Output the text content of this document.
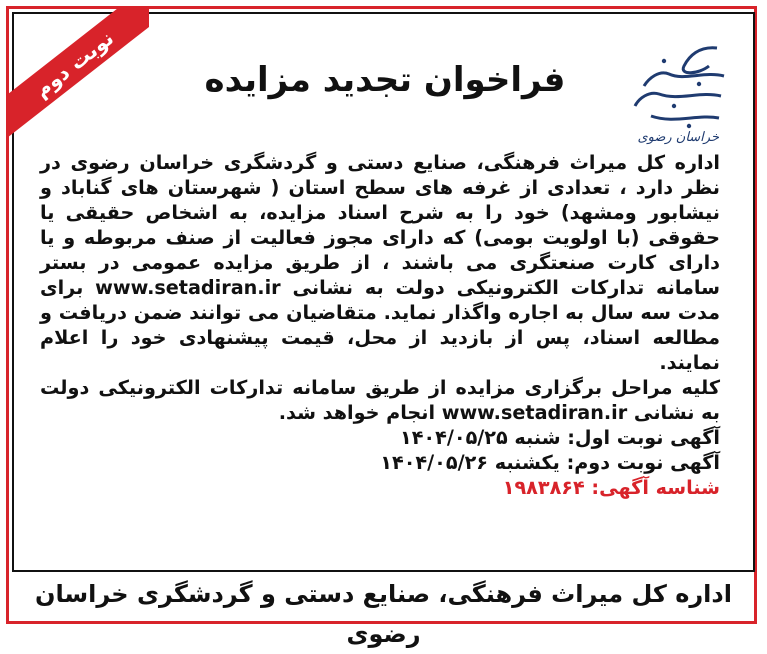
نوبت دوم	فراخوان تجدید مزایده
خراسان رضوی

اداره کل میراث فرهنگی، صنایع دستی و گردشگری خراسان رضوی در نظر دارد ، تعدادی از غرفه های سطح استان ( شهرستان های گناباد و نیشابور ومشهد) خود را به شرح اسناد مزایده، به اشخاص حقیقی یا حقوقی (با اولویت بومی) که دارای مجوز فعالیت از صنف مربوطه و یا دارای کارت صنعتگری می باشند ، از طریق مزایده عمومی در بستر سامانه تدارکات الکترونیکی دولت به نشانی www.setadiran.ir برای مدت سه سال به اجاره واگذار نماید. متقاضیان می توانند ضمن دریافت و مطالعه اسناد، پس از بازدید از محل، قیمت پیشنهادی خود را اعلام نمایند.

کلیه مراحل برگزاری مزایده از طریق سامانه تدارکات الکترونیکی دولت به نشانی www.setadiran.ir انجام خواهد شد.

آگهی نوبت اول: شنبه ۱۴۰۴/۰۵/۲۵

آگهی نوبت دوم: یکشنبه ۱۴۰۴/۰۵/۲۶

شناسه آگهی: ۱۹۸۳۸۶۴

اداره کل میراث فرهنگی، صنایع دستی و گردشگری خراسان رضوی
